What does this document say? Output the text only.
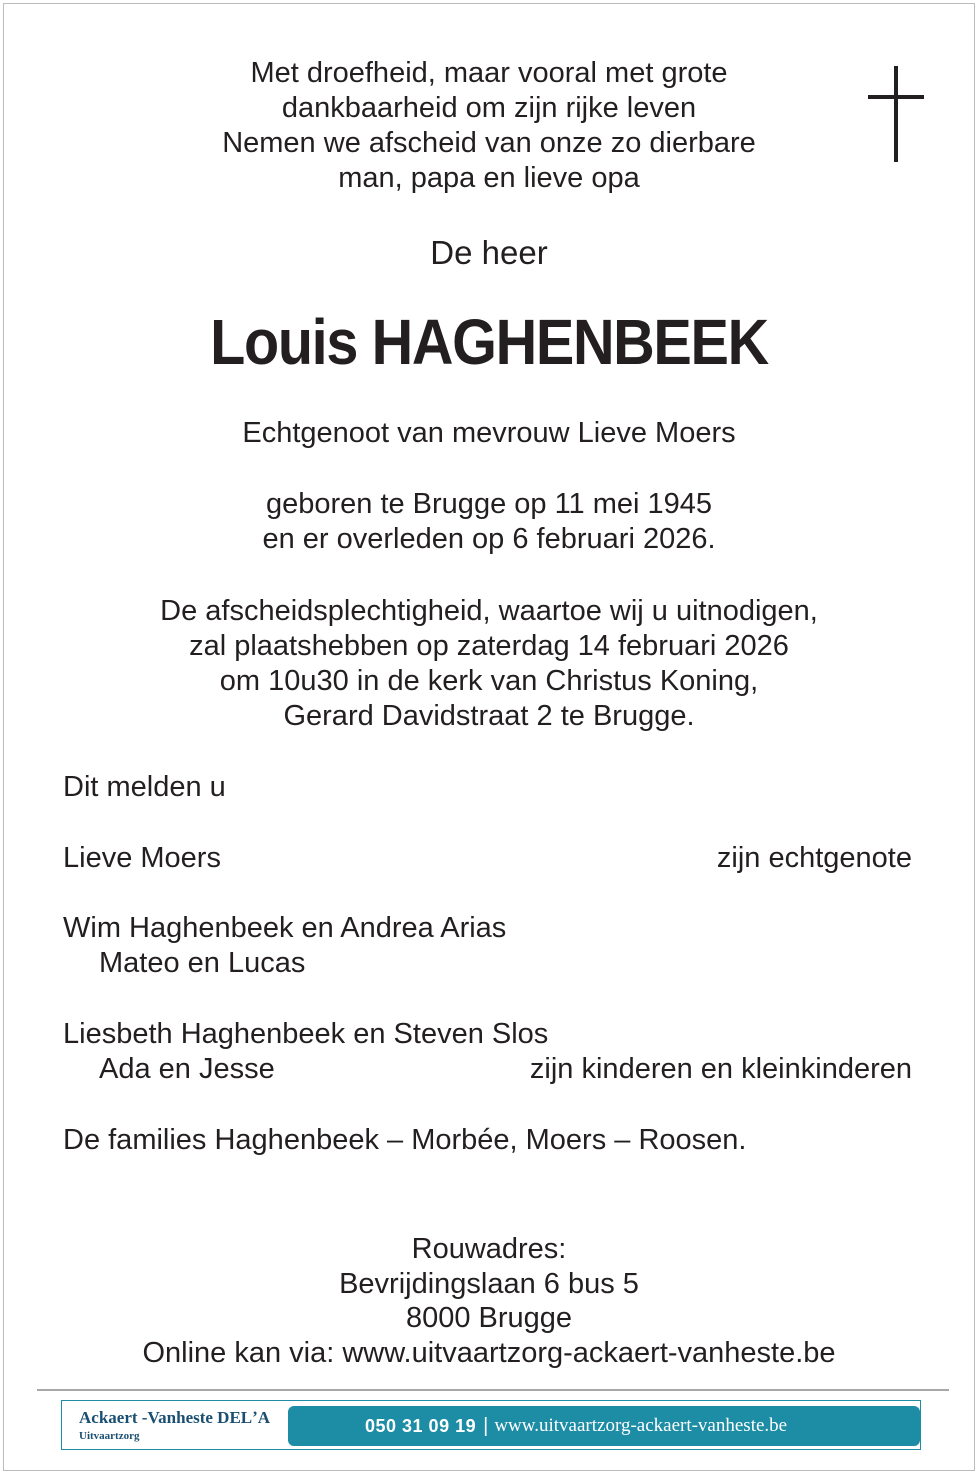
Met droefheid, maar vooral met grote
dankbaarheid om zijn rijke leven
Nemen we afscheid van onze zo dierbare
man, papa en lieve opa
De heer
Louis HAGHENBEEK
Echtgenoot van mevrouw Lieve Moers
geboren te Brugge op 11 mei 1945
en er overleden op 6 februari 2026.
De afscheidsplechtigheid, waartoe wij u uitnodigen,
zal plaatshebben op zaterdag 14 februari 2026
om 10u30 in de kerk van Christus Koning,
Gerard Davidstraat 2 te Brugge.
Dit melden u
Lieve Moers	zijn echtgenote
Wim Haghenbeek en Andrea Arias
Mateo en Lucas
Liesbeth Haghenbeek en Steven Slos
Ada en Jesse	zijn kinderen en kleinkinderen
De families Haghenbeek – Morbée, Moers – Roosen.
Rouwadres:
Bevrijdingslaan 6 bus 5
8000 Brugge
Online kan via: www.uitvaartzorg-ackaert-vanheste.be
Ackaert -Vanheste DELʼA
Uitvaartzorg
050 31 09 19 | www.uitvaartzorg-ackaert-vanheste.be
